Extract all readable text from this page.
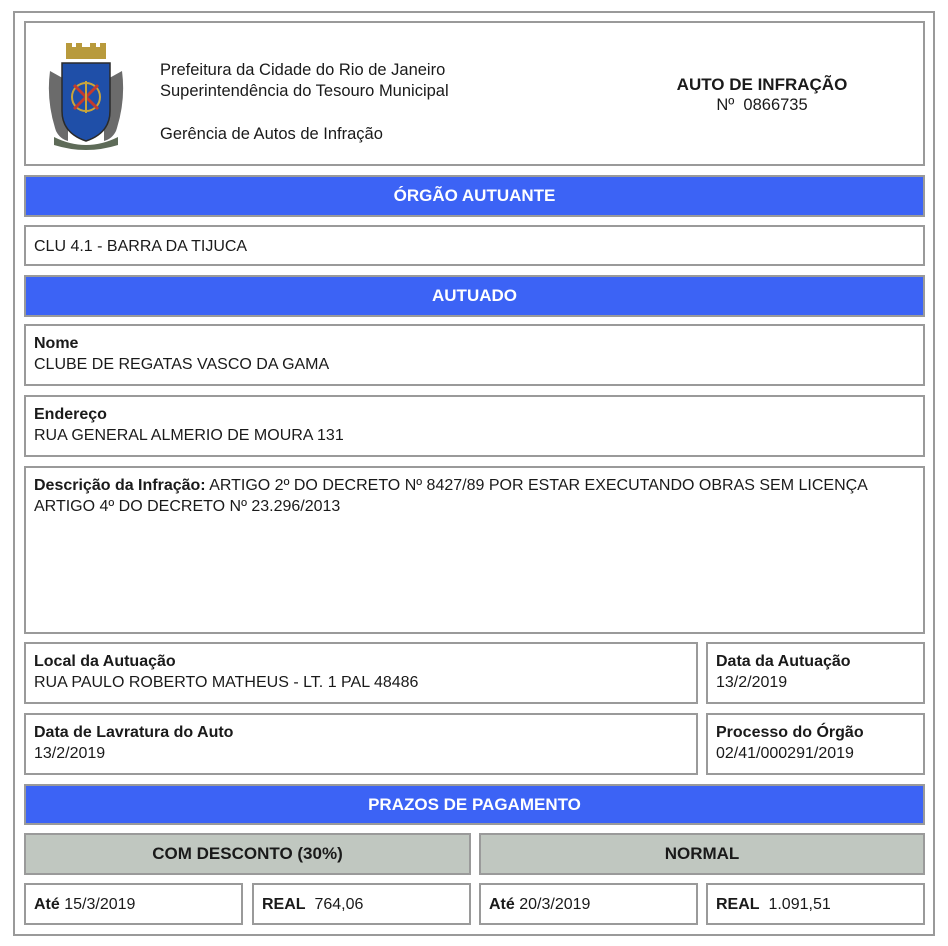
Prefeitura da Cidade do Rio de Janeiro
Superintendência do Tesouro Municipal
Gerência de Autos de Infração
AUTO DE INFRAÇÃO
Nº  0866735
ÓRGÃO AUTUANTE
CLU 4.1 - BARRA DA TIJUCA
AUTUADO
Nome
CLUBE DE REGATAS VASCO DA GAMA
Endereço
RUA GENERAL ALMERIO DE MOURA 131
Descrição da Infração: ARTIGO 2º DO DECRETO Nº 8427/89 POR ESTAR EXECUTANDO OBRAS SEM LICENÇA ARTIGO 4º DO DECRETO Nº 23.296/2013
Local da Autuação
RUA PAULO ROBERTO MATHEUS - LT. 1 PAL 48486
Data da Autuação
13/2/2019
Data de Lavratura do Auto
13/2/2019
Processo do Órgão
02/41/000291/2019
PRAZOS DE PAGAMENTO
COM DESCONTO (30%)	NORMAL
Até 15/3/2019	REAL  764,06	Até 20/3/2019	REAL  1.091,51
